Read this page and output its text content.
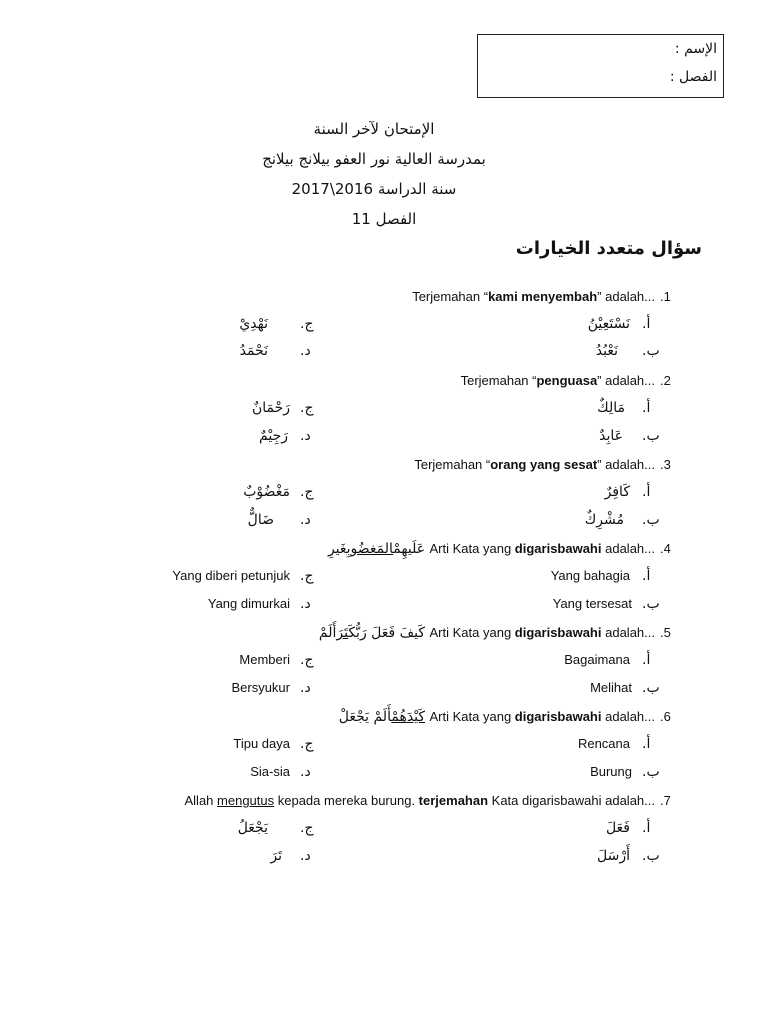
الإسم :
الفصل :
الإمتحان لآخر السنة
بمدرسة العالية نور العفو بيلانج بيلانج
سنة الدراسة 2016\2017
الفصل 11
سؤال متعدد الخيارات
Terjemahan “kami menyembah” adalah... .1
أ.
نَسْتَعِيْنُ
ج.
نَهْدِيْ
ب.
نَعْبُدُ
د.
نَحْمَدُ
Terjemahan “penguasa” adalah... .2
أ.
مَالِكٌ
ج.
رَحْمَانٌ
ب.
عَابِدٌ
د.
رَجِيْمٌ
Terjemahan “orang yang sesat” adalah... .3
أ.
كَافِرٌ
ج.
مَغْضُوْبٌ
ب.
مُشْرِكٌ
د.
ضَالٌّ
عَلَيهِمْالمَغضُوبِغَيرِ Arti Kata yang digarisbawahi adalah... .4
أ.
Yang bahagia
ج.
Yang diberi petunjuk
ب.
Yang tersesat
د.
Yang dimurkai
كَيفَ فَعَلَ رَبُّكَتَرَأَلَمْ Arti Kata yang digarisbawahi adalah... .5
أ.
Bagaimana
ج.
Memberi
ب.
Melihat
د.
Bersyukur
كَيْدَهُمْأَلَمْ يَجْعَلْ Arti Kata yang digarisbawahi adalah... .6
أ.
Rencana
ج.
Tipu daya
ب.
Burung
د.
Sia-sia
Allah mengutus kepada mereka burung. terjemahan Kata digarisbawahi adalah... .7
أ.
فَعَلَ
ج.
يَجْعَلُ
ب.
أَرْسَلَ
د.
تَرَ
